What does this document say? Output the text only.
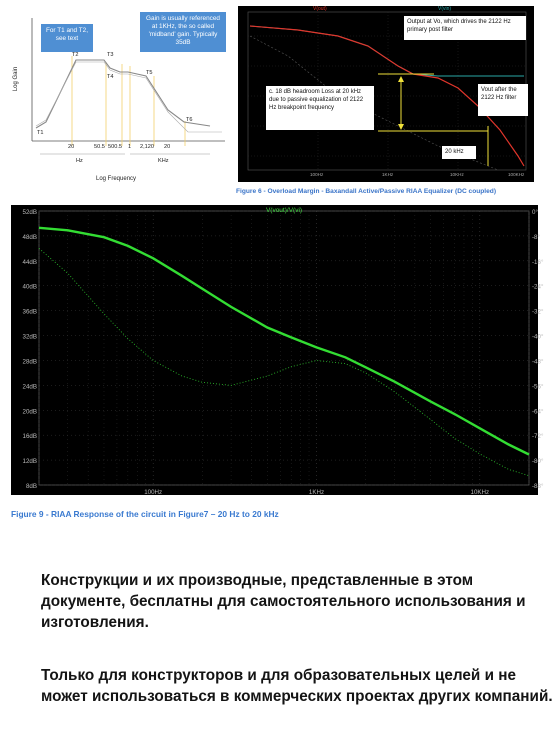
For T1 and T2, see text
Gain is usually referenced at 1KHz, the so called 'midband' gain. Typically 35dB
Log Gain
Log Frequency
T1
T2	T3
T4
T5
T6
20	50.5 500.5 1 2,120 20
Hz	KHz
V(out)	V(vin)
Output at Vo, which drives the 2122 Hz primary post filter
c. 18 dB headroom Loss at 20 kHz due to passive equalization of 2122 Hz breakpoint frequency
Vout after the 2122 Hz filter
20 kHz
100Hz	1KHz	10KHz	100KHz
Figure 6 - Overload Margin - Baxandall Active/Passive RIAA Equalizer (DC coupled)
52dB	0°
48dB	-8°
44dB	-16°
40dB	-24°
36dB	-32°
32dB	-40°
28dB	-48°
24dB	-56°
20dB	-64°
16dB	-72°
12dB	-80°
8dB	-88°
100Hz	1KHz	10KHz
V(vout)/V(vi)
Figure 9 - RIAA Response of the circuit in Figure7 – 20 Hz to 20 kHz
Конструкции и их производные, представленные в этом документе, бесплатны для самостоятельного использования и изготовления.
Только для конструкторов и для образовательных целей и не может использоваться в коммерческих проектах других компаний.
